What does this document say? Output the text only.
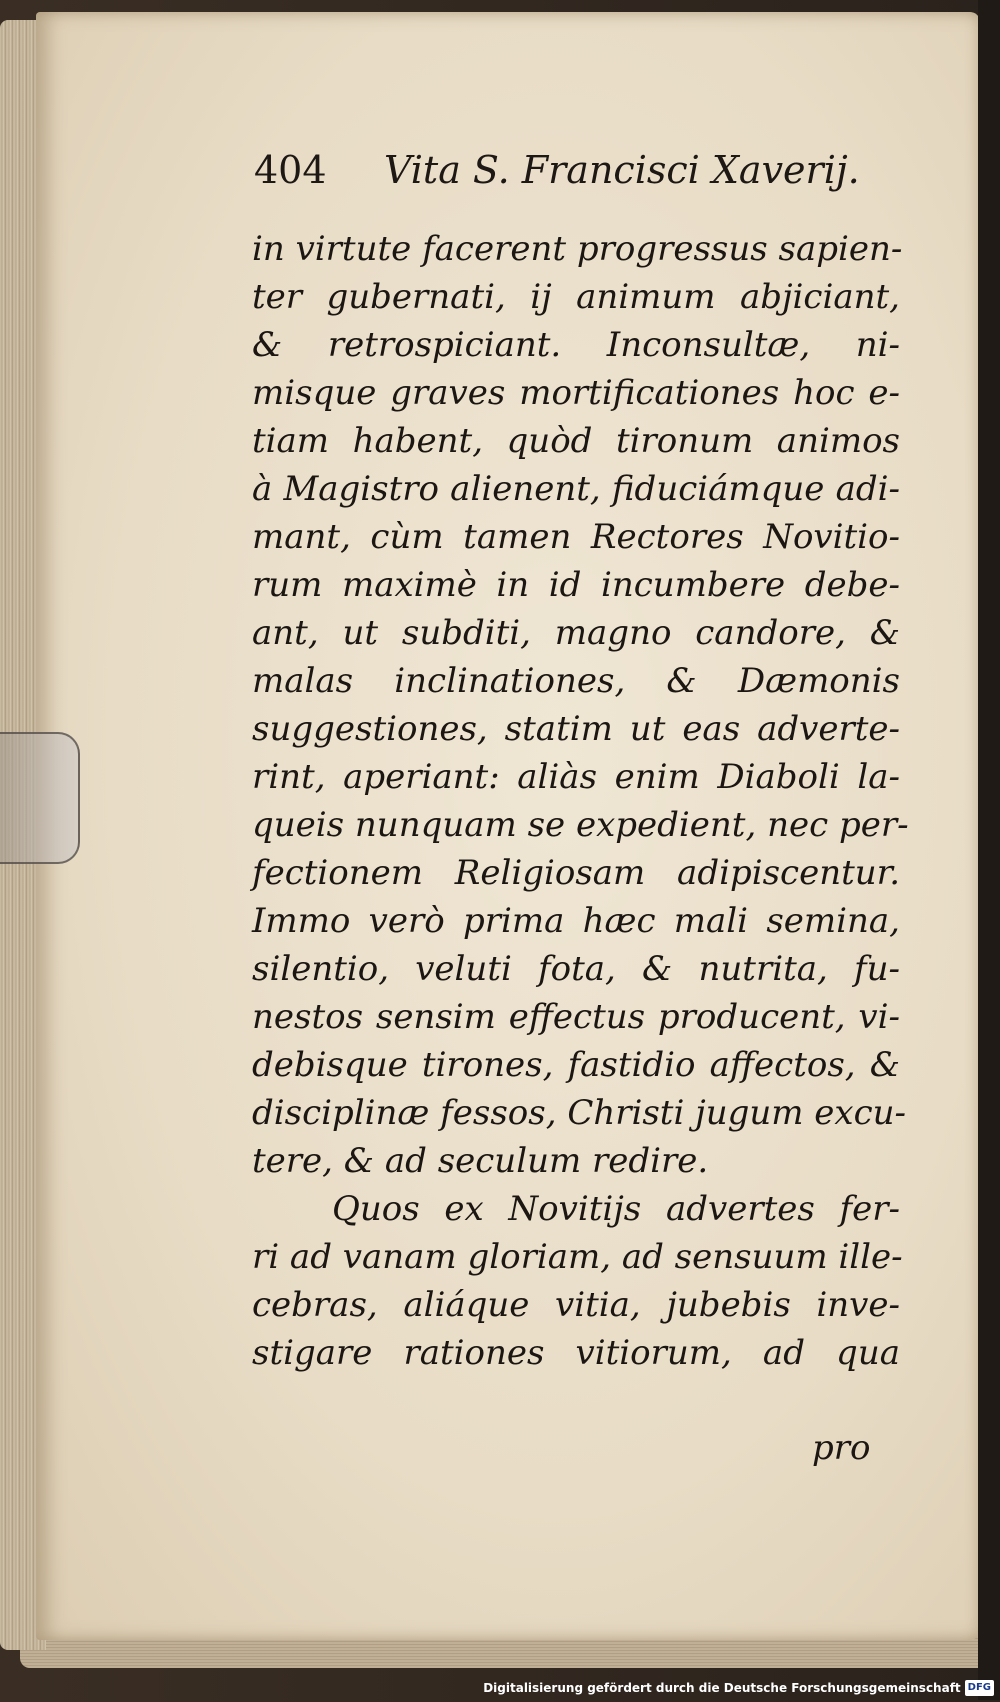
404 Vita S. Francisci Xaverij.
in virtute facerent progressus sapien-
ter gubernati, ij animum abjiciant,
& retrospiciant. Inconsultæ, ni-
misque graves mortificationes hoc e-
tiam habent, quòd tironum animos
à Magistro alienent, fiduciámque adi-
mant, cùm tamen Rectores Novitio-
rum maximè in id incumbere debe-
ant, ut subditi, magno candore, &
malas inclinationes, & Dæmonis
suggestiones, statim ut eas adverte-
rint, aperiant: aliàs enim Diaboli la-
queis nunquam se expedient, nec per-
fectionem Religiosam adipiscentur.
Immo verò prima hæc mali semina,
silentio, veluti fota, & nutrita, fu-
nestos sensim effectus producent, vi-
debisque tirones, fastidio affectos, &
disciplinæ fessos, Christi jugum excu-
tere, & ad seculum redire.
Quos ex Novitijs advertes fer-
ri ad vanam gloriam, ad sensuum ille-
cebras, aliáque vitia, jubebis inve-
stigare rationes vitiorum, ad qua
pro
Digitalisierung gefördert durch die Deutsche Forschungsgemeinschaft DFG
